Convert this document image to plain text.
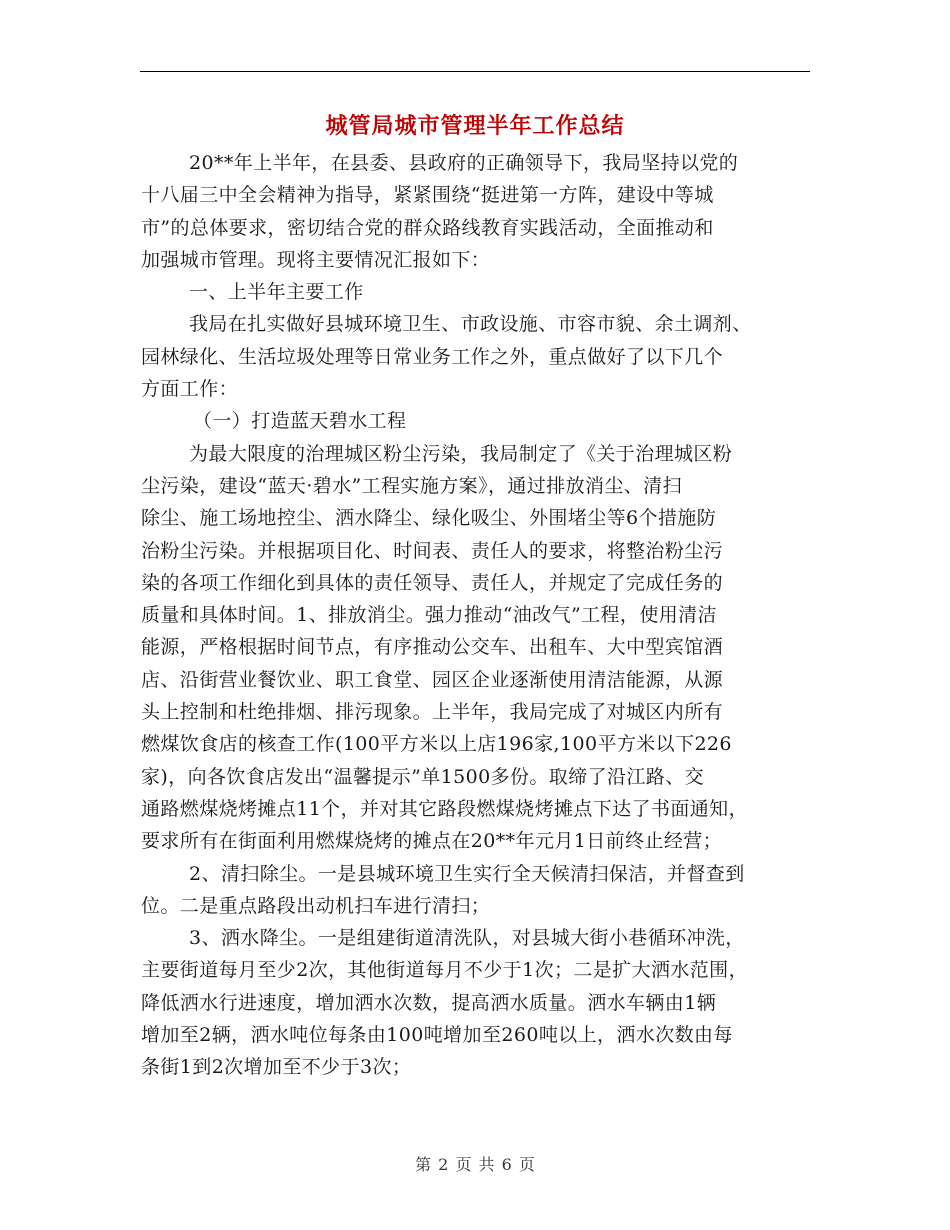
城管局城市管理半年工作总结
20**年上半年，在县委、县政府的正确领导下，我局坚持以党的
十八届三中全会精神为指导，紧紧围绕“挺进第一方阵，建设中等城
市”的总体要求，密切结合党的群众路线教育实践活动，全面推动和
加强城市管理。现将主要情况汇报如下：
一、上半年主要工作
我局在扎实做好县城环境卫生、市政设施、市容市貌、余土调剂、
园林绿化、生活垃圾处理等日常业务工作之外，重点做好了以下几个
方面工作：
（一）打造蓝天碧水工程
为最大限度的治理城区粉尘污染，我局制定了《关于治理城区粉
尘污染，建设“蓝天·碧水”工程实施方案》，通过排放消尘、清扫
除尘、施工场地控尘、洒水降尘、绿化吸尘、外围堵尘等6个措施防
治粉尘污染。并根据项目化、时间表、责任人的要求，将整治粉尘污
染的各项工作细化到具体的责任领导、责任人，并规定了完成任务的
质量和具体时间。1、排放消尘。强力推动“油改气”工程，使用清洁
能源，严格根据时间节点，有序推动公交车、出租车、大中型宾馆酒
店、沿街营业餐饮业、职工食堂、园区企业逐渐使用清洁能源，从源
头上控制和杜绝排烟、排污现象。上半年，我局完成了对城区内所有
燃煤饮食店的核查工作(100平方米以上店196家,100平方米以下226
家)，向各饮食店发出“温馨提示”单1500多份。取缔了沿江路、交
通路燃煤烧烤摊点11个，并对其它路段燃煤烧烤摊点下达了书面通知，
要求所有在街面利用燃煤烧烤的摊点在20**年元月1日前终止经营；
2、清扫除尘。一是县城环境卫生实行全天候清扫保洁，并督查到
位。二是重点路段出动机扫车进行清扫；
3、洒水降尘。一是组建街道清洗队，对县城大街小巷循环冲洗，
主要街道每月至少2次，其他街道每月不少于1次；二是扩大洒水范围，
降低洒水行进速度，增加洒水次数，提高洒水质量。洒水车辆由1辆
增加至2辆，洒水吨位每条由100吨增加至260吨以上，洒水次数由每
条街1到2次增加至不少于3次；
第 2 页 共 6 页
